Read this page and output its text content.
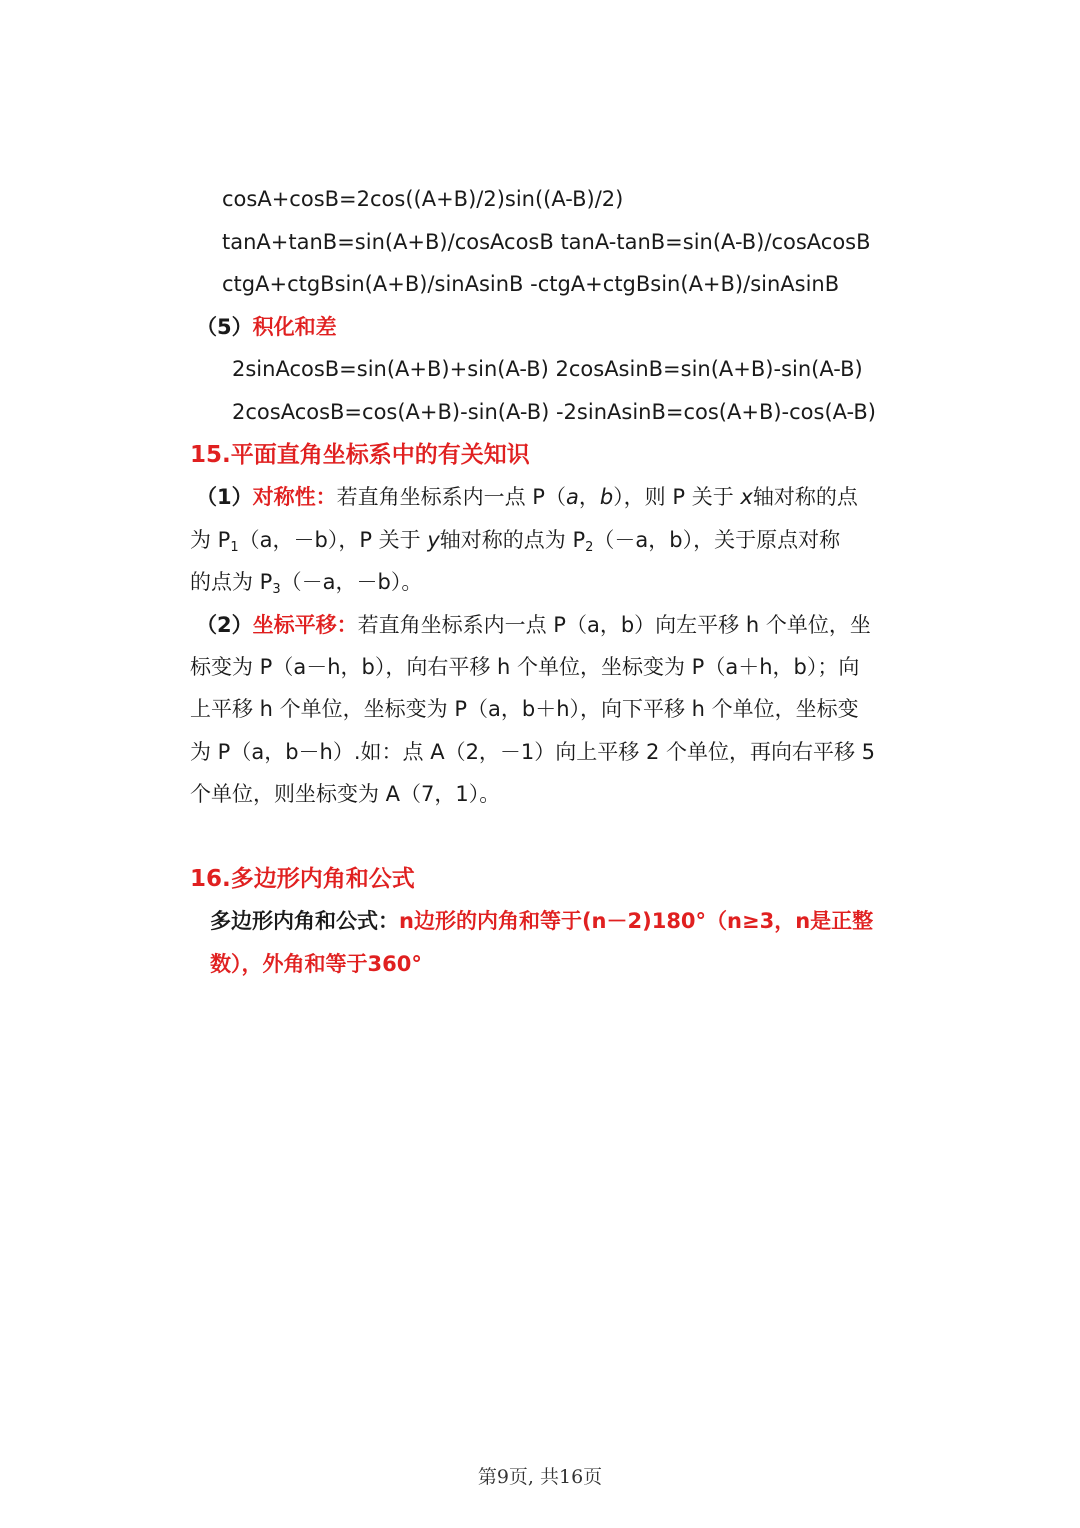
cosA+cosB=2cos((A+B)/2)sin((A-B)/2)
tanA+tanB=sin(A+B)/cosAcosB tanA-tanB=sin(A-B)/cosAcosB
ctgA+ctgBsin(A+B)/sinAsinB -ctgA+ctgBsin(A+B)/sinAsinB
（5）积化和差
2sinAcosB=sin(A+B)+sin(A-B) 2cosAsinB=sin(A+B)-sin(A-B)
2cosAcosB=cos(A+B)-sin(A-B) -2sinAsinB=cos(A+B)-cos(A-B)
15.平面直角坐标系中的有关知识
（1）对称性：若直角坐标系内一点 P（a，b），则 P 关于 x轴对称的点
为 $P_1(a$，－b），P 关于 y轴对称的点为 $P_2(-a$，b），关于原点对称
的点为 $P_3(-a$，－b）。
（2）坐标平移：若直角坐标系内一点 P（a，b）向左平移 h 个单位，坐
标变为 P（a－h，b），向右平移 h 个单位，坐标变为 P（a＋h，b）；向
上平移 h 个单位，坐标变为 P（a，b＋h），向下平移 h 个单位，坐标变
为 P（a，b－h）.如：点 A（2，－1）向上平移 2 个单位，再向右平移 5
个单位，则坐标变为 A（7，1）。
16.多边形内角和公式
多边形内角和公式：n边形的内角和等于(n－2)180°（n≥3，n是正整
数），外角和等于360°
第9页, 共16页
